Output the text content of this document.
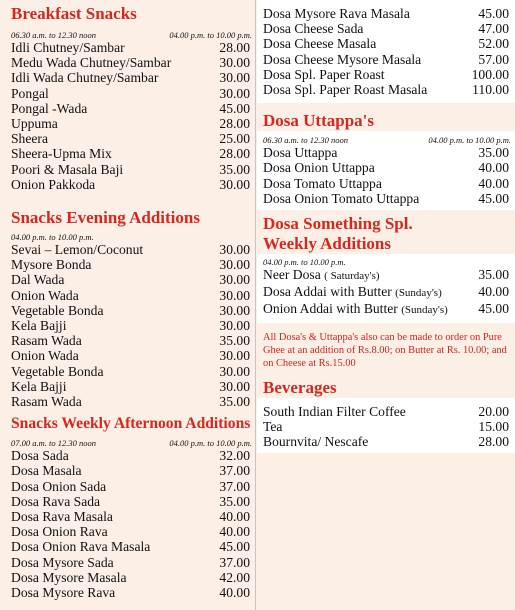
Breakfast Snacks
06.30 a.m. to 12.30 noon	04.00 p.m. to 10.00 p.m.
Idli Chutney/Sambar	28.00
Medu Wada Chutney/Sambar	30.00
Idli Wada Chutney/Sambar	30.00
Pongal	30.00
Pongal -Wada	45.00
Uppuma	28.00
Sheera	25.00
Sheera-Upma Mix	28.00
Poori & Masala Baji	35.00
Onion Pakkoda	30.00
Snacks Evening Additions
04.00 p.m. to 10.00 p.m.
Sevai – Lemon/Coconut	30.00
Mysore Bonda	30.00
Dal Wada	30.00
Onion Wada	30.00
Vegetable Bonda	30.00
Kela Bajji	30.00
Rasam Wada	35.00
Onion Wada	30.00
Vegetable Bonda	30.00
Kela Bajji	30.00
Rasam Wada	35.00
Snacks Weekly Afternoon Additions
07.00 a.m. to 12.30 noon	04.00 p.m. to 10.00 p.m.
Dosa Sada	32.00
Dosa Masala	37.00
Dosa Onion Sada	37.00
Dosa Rava Sada	35.00
Dosa Rava Masala	40.00
Dosa Onion Rava	40.00
Dosa Onion Rava Masala	45.00
Dosa Mysore Sada	37.00
Dosa Mysore Masala	42.00
Dosa Mysore Rava	40.00
Dosa Mysore Rava Masala	45.00
Dosa Cheese Sada	47.00
Dosa Cheese Masala	52.00
Dosa Cheese Mysore Masala	57.00
Dosa Spl. Paper Roast	100.00
Dosa Spl. Paper Roast Masala	110.00
Dosa Uttappa's
06.30 a.m. to 12.30 noon	04.00 p.m. to 10.00 p.m.
Dosa Uttappa	35.00
Dosa Onion Uttappa	40.00
Dosa Tomato Uttappa	40.00
Dosa Onion Tomato Uttappa	45.00
Dosa Something Spl.
Weekly Additions
04.00 p.m. to 10.00 p.m.
Neer Dosa ( Saturday's)	35.00
Dosa Addai with Butter (Sunday's)	40.00
Onion Addai with Butter (Sunday's) 45.00

All Dosa's & Uttappa's also can be made to order on Pure Ghee at an addition of Rs.8.00; on Butter at Rs. 10.00; and on Cheese at Rs.15.00

Beverages
South Indian Filter Coffee	20.00
Tea	15.00
Bournvita/ Nescafe	28.00
